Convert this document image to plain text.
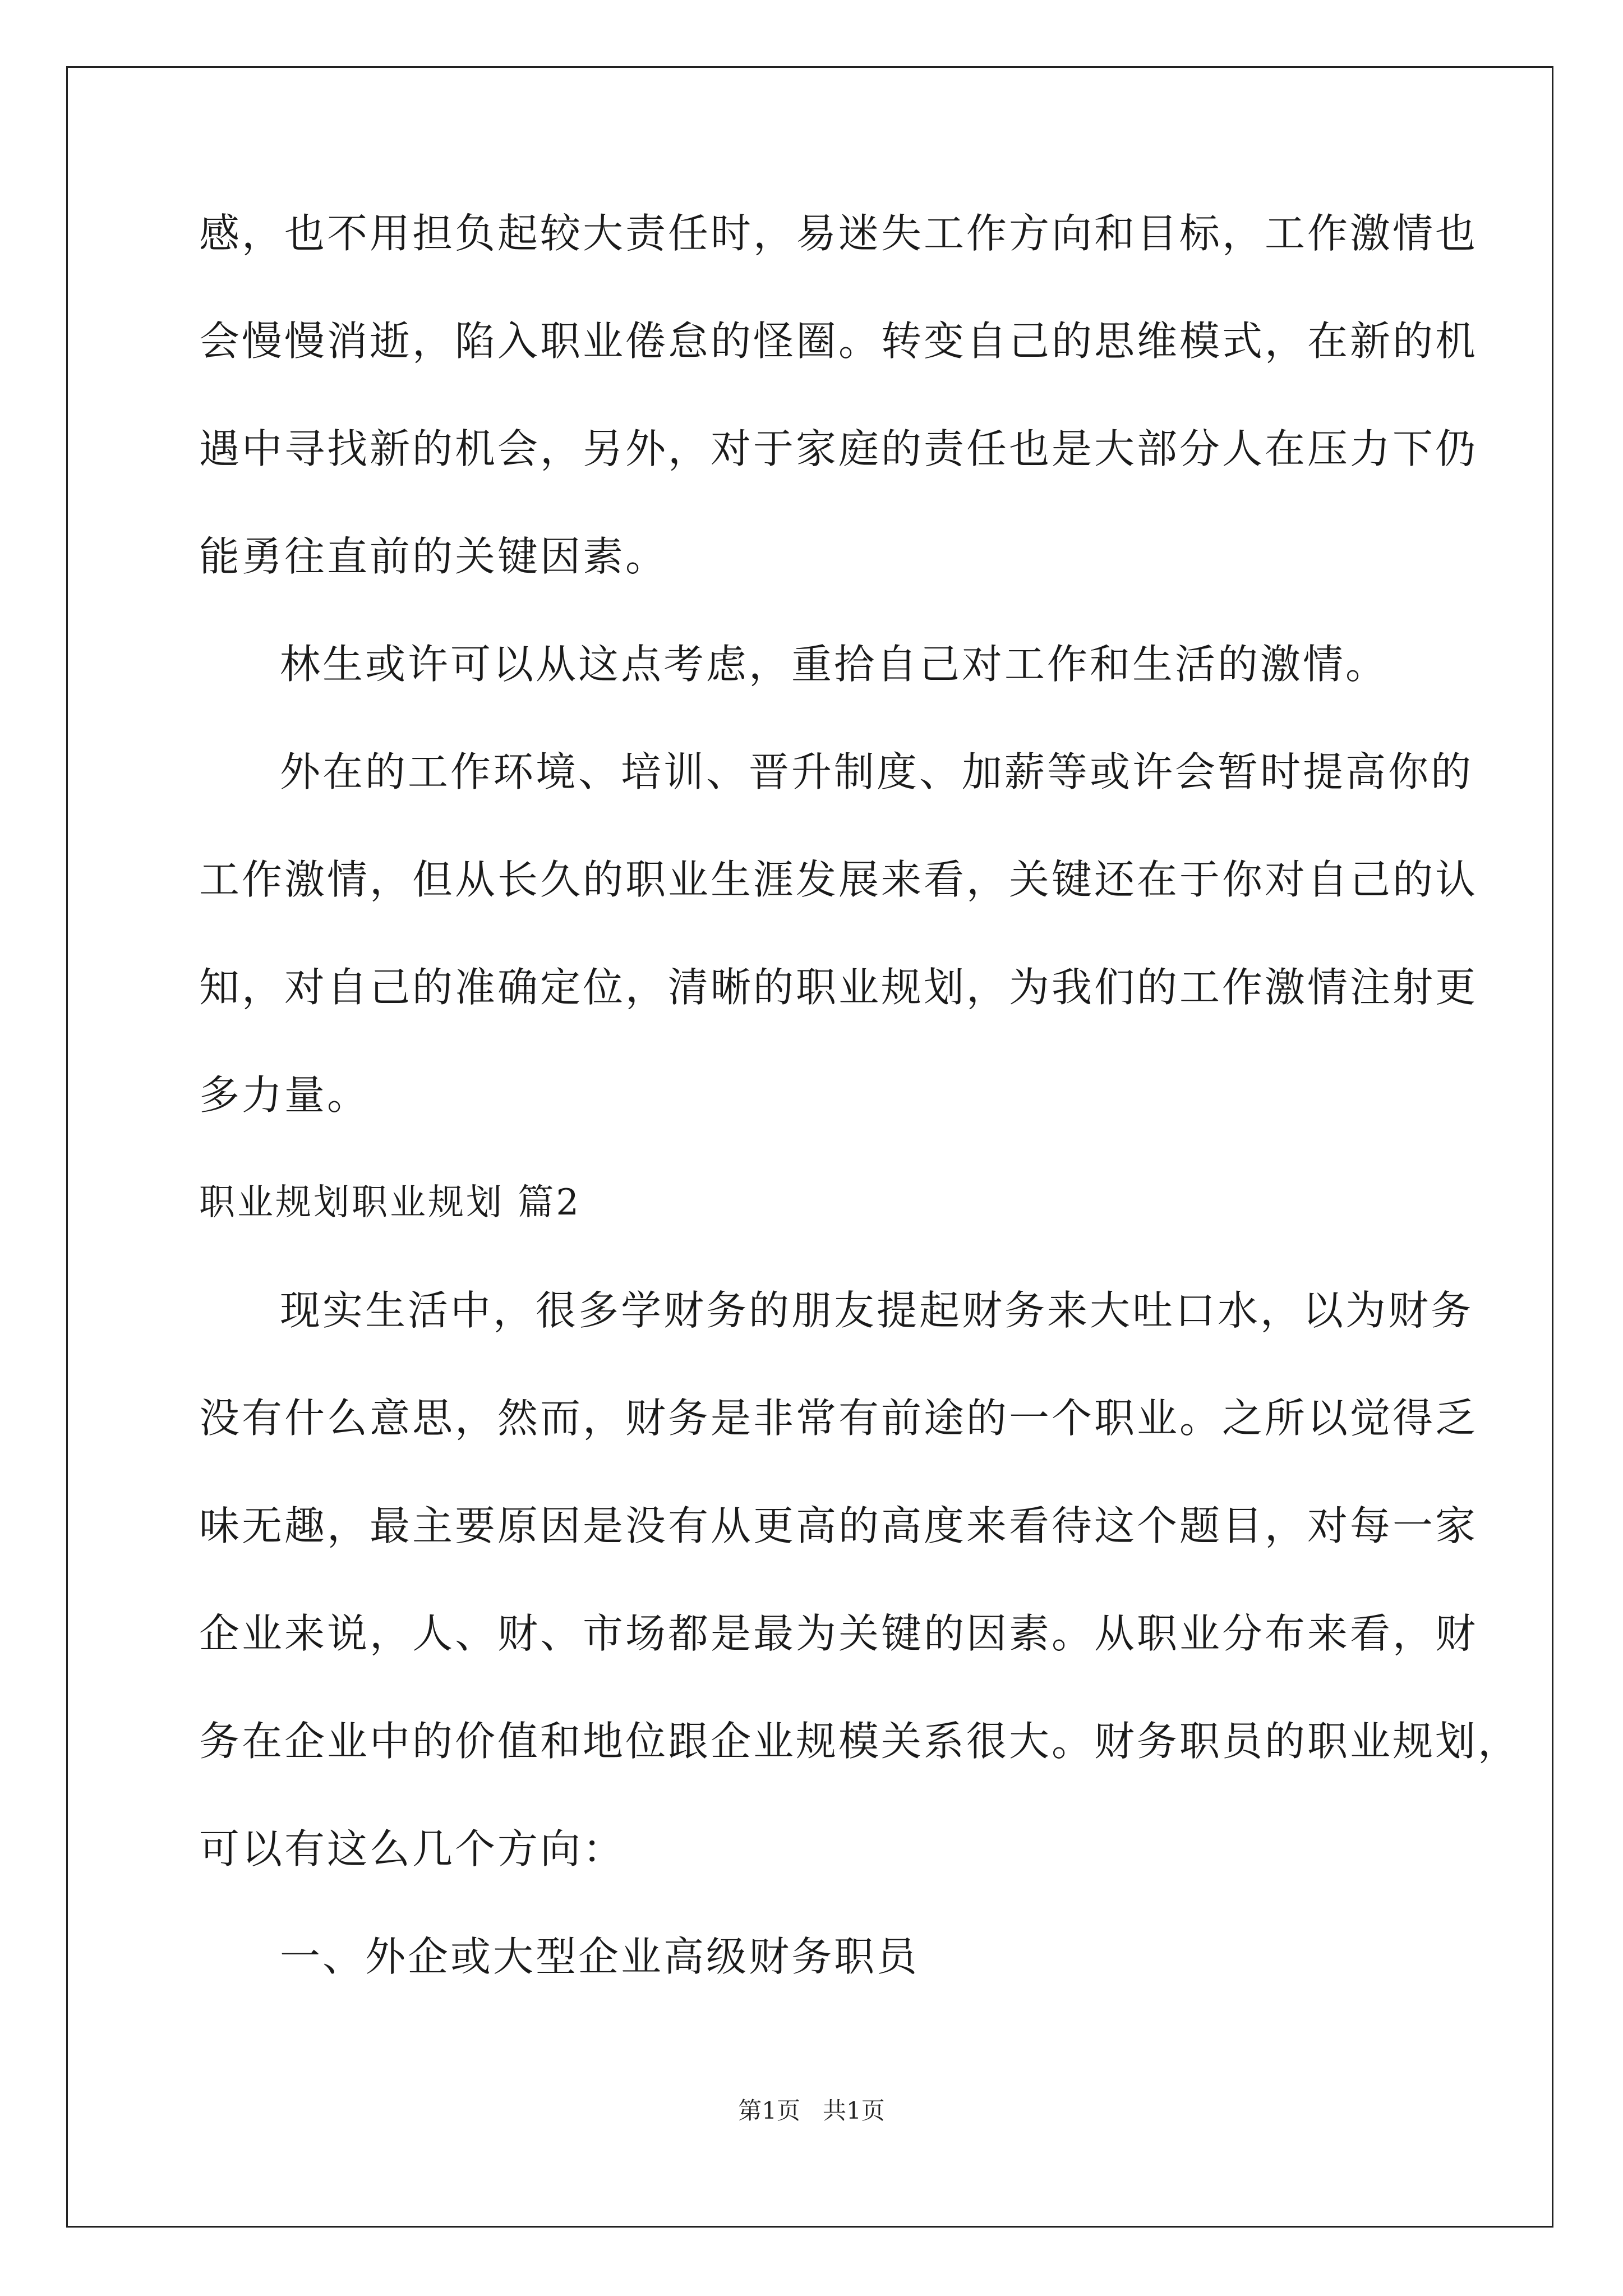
感，也不用担负起较大责任时，易迷失工作方向和目标，工作激情也
会慢慢消逝，陷入职业倦怠的怪圈。转变自己的思维模式，在新的机
遇中寻找新的机会，另外，对于家庭的责任也是大部分人在压力下仍
能勇往直前的关键因素。
林生或许可以从这点考虑，重拾自己对工作和生活的激情。
外在的工作环境、培训、晋升制度、加薪等或许会暂时提高你的
工作激情，但从长久的职业生涯发展来看，关键还在于你对自己的认
知，对自己的准确定位，清晰的职业规划，为我们的工作激情注射更
多力量。
职业规划职业规划 篇2
现实生活中，很多学财务的朋友提起财务来大吐口水，以为财务
没有什么意思，然而，财务是非常有前途的一个职业。之所以觉得乏
味无趣，最主要原因是没有从更高的高度来看待这个题目，对每一家
企业来说，人、财、市场都是最为关键的因素。从职业分布来看，财
务在企业中的价值和地位跟企业规模关系很大。财务职员的职业规划，
可以有这么几个方向：
一、外企或大型企业高级财务职员
第1页   共1页
